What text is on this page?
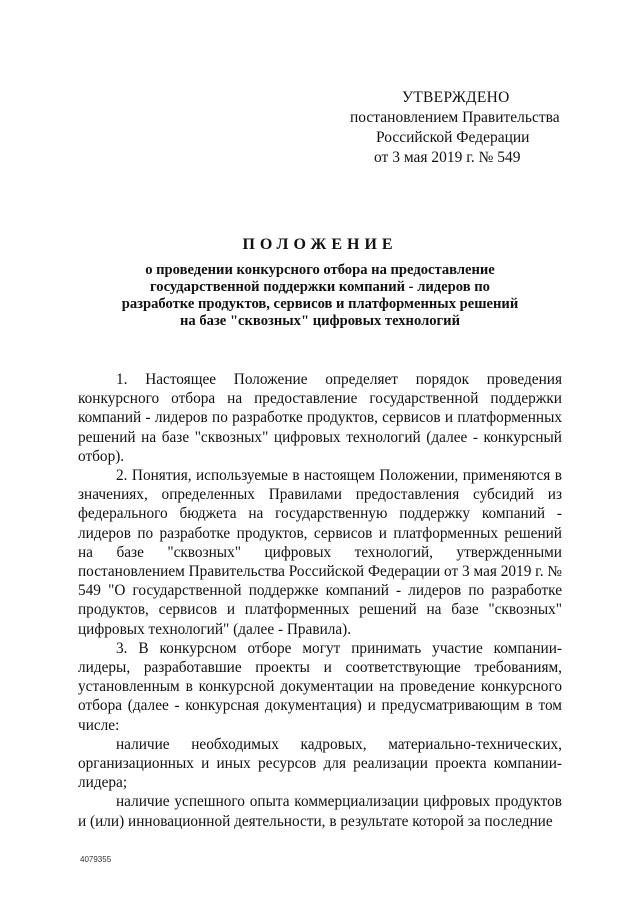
УТВЕРЖДЕНО
постановлением Правительства
Российской Федерации
от 3 мая 2019 г. № 549
ПОЛОЖЕНИЕ
о проведении конкурсного отбора на предоставление государственной поддержки компаний - лидеров по разработке продуктов, сервисов и платформенных решений на базе "сквозных" цифровых технологий

1. Настоящее Положение определяет порядок проведения конкурсного отбора на предоставление государственной поддержки компаний - лидеров по разработке продуктов, сервисов и платформенных решений на базе "сквозных" цифровых технологий (далее - конкурсный отбор).

2. Понятия, используемые в настоящем Положении, применяются в значениях, определенных Правилами предоставления субсидий из федерального бюджета на государственную поддержку компаний - лидеров по разработке продуктов, сервисов и платформенных решений на базе "сквозных" цифровых технологий, утвержденными постановлением Правительства Российской Федерации от 3 мая 2019 г. № 549 "О государственной поддержке компаний - лидеров по разработке продуктов, сервисов и платформенных решений на базе "сквозных" цифровых технологий" (далее - Правила).

3. В конкурсном отборе могут принимать участие компании-лидеры, разработавшие проекты и соответствующие требованиям, установленным в конкурсной документации на проведение конкурсного отбора (далее - конкурсная документация) и предусматривающим в том числе:

наличие необходимых кадровых, материально-технических, организационных и иных ресурсов для реализации проекта компании-лидера;

наличие успешного опыта коммерциализации цифровых продуктов и (или) инновационной деятельности, в результате которой за последние

4079355
